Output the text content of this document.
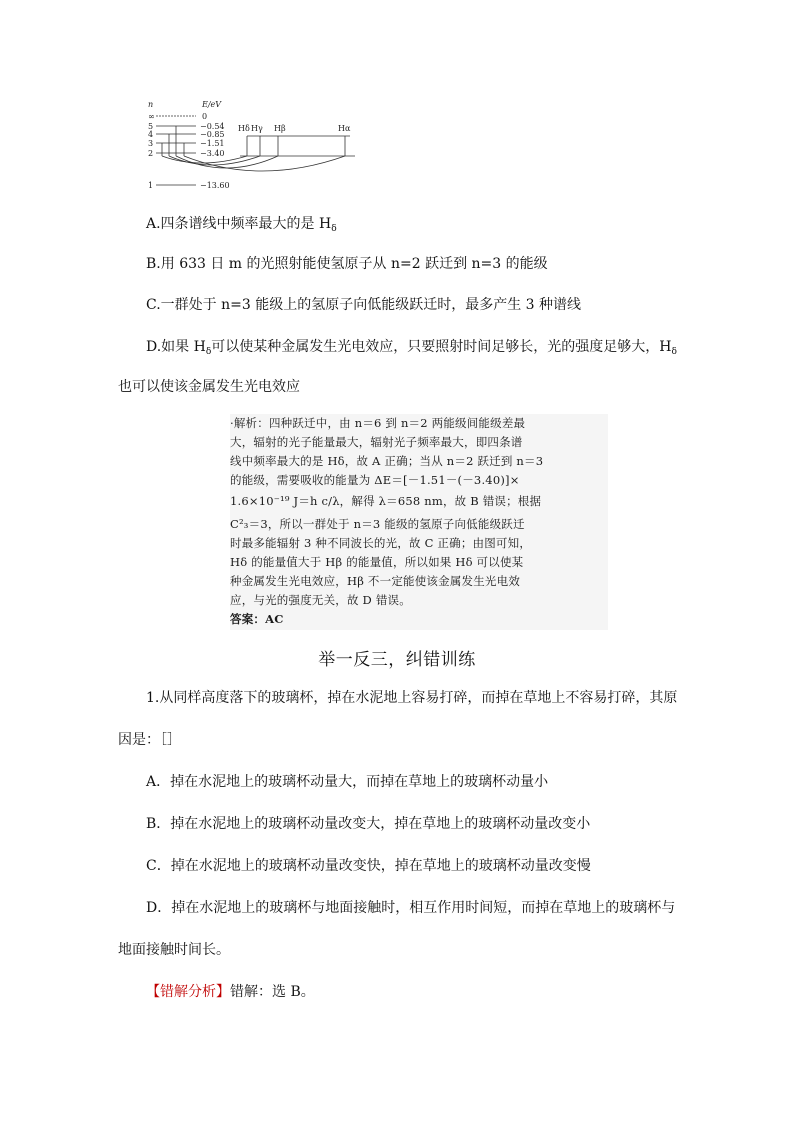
n	E/eV
∞
5
4
3
2
1
0
−0.54
−0.85
−1.51
−3.40
−13.60
Hδ Hγ Hβ	Hα
A.四条谱线中频率最大的是 $H_\delta$
B.用 633 日 m 的光照射能使氢原子从 n=2 跃迁到 n=3 的能级
C.一群处于 n=3 能级上的氢原子向低能级跃迁时，最多产生 3 种谱线
D.如果 $H_\delta$可以使某种金属发生光电效应，只要照射时间足够长，光的强度足够大，$H_\delta$
也可以使该金属发生光电效应
·解析：四种跃迁中，由 n＝6 到 n＝2 两能级间能级差最
大，辐射的光子能量最大，辐射光子频率最大，即四条谱
线中频率最大的是 Hδ，故 A 正确；当从 n＝2 跃迁到 n＝3
的能级，需要吸收的能量为 ΔE＝[－1.51－(－3.40)]×
1.6×10⁻¹⁹ J＝h c/λ，解得 λ＝658 nm，故 B 错误；根据
C²₃＝3，所以一群处于 n＝3 能级的氢原子向低能级跃迁
时最多能辐射 3 种不同波长的光，故 C 正确；由图可知，
Hδ 的能量值大于 Hβ 的能量值，所以如果 Hδ 可以使某
种金属发生光电效应，Hβ 不一定能使该金属发生光电效
应，与光的强度无关，故 D 错误。
答案：AC
举一反三，纠错训练
1.从同样高度落下的玻璃杯，掉在水泥地上容易打碎，而掉在草地上不容易打碎，其原
因是：［］
A．掉在水泥地上的玻璃杯动量大，而掉在草地上的玻璃杯动量小
B．掉在水泥地上的玻璃杯动量改变大，掉在草地上的玻璃杯动量改变小
C．掉在水泥地上的玻璃杯动量改变快，掉在草地上的玻璃杯动量改变慢
D．掉在水泥地上的玻璃杯与地面接触时，相互作用时间短，而掉在草地上的玻璃杯与
地面接触时间长。
【错解分析】错解：选 B。
